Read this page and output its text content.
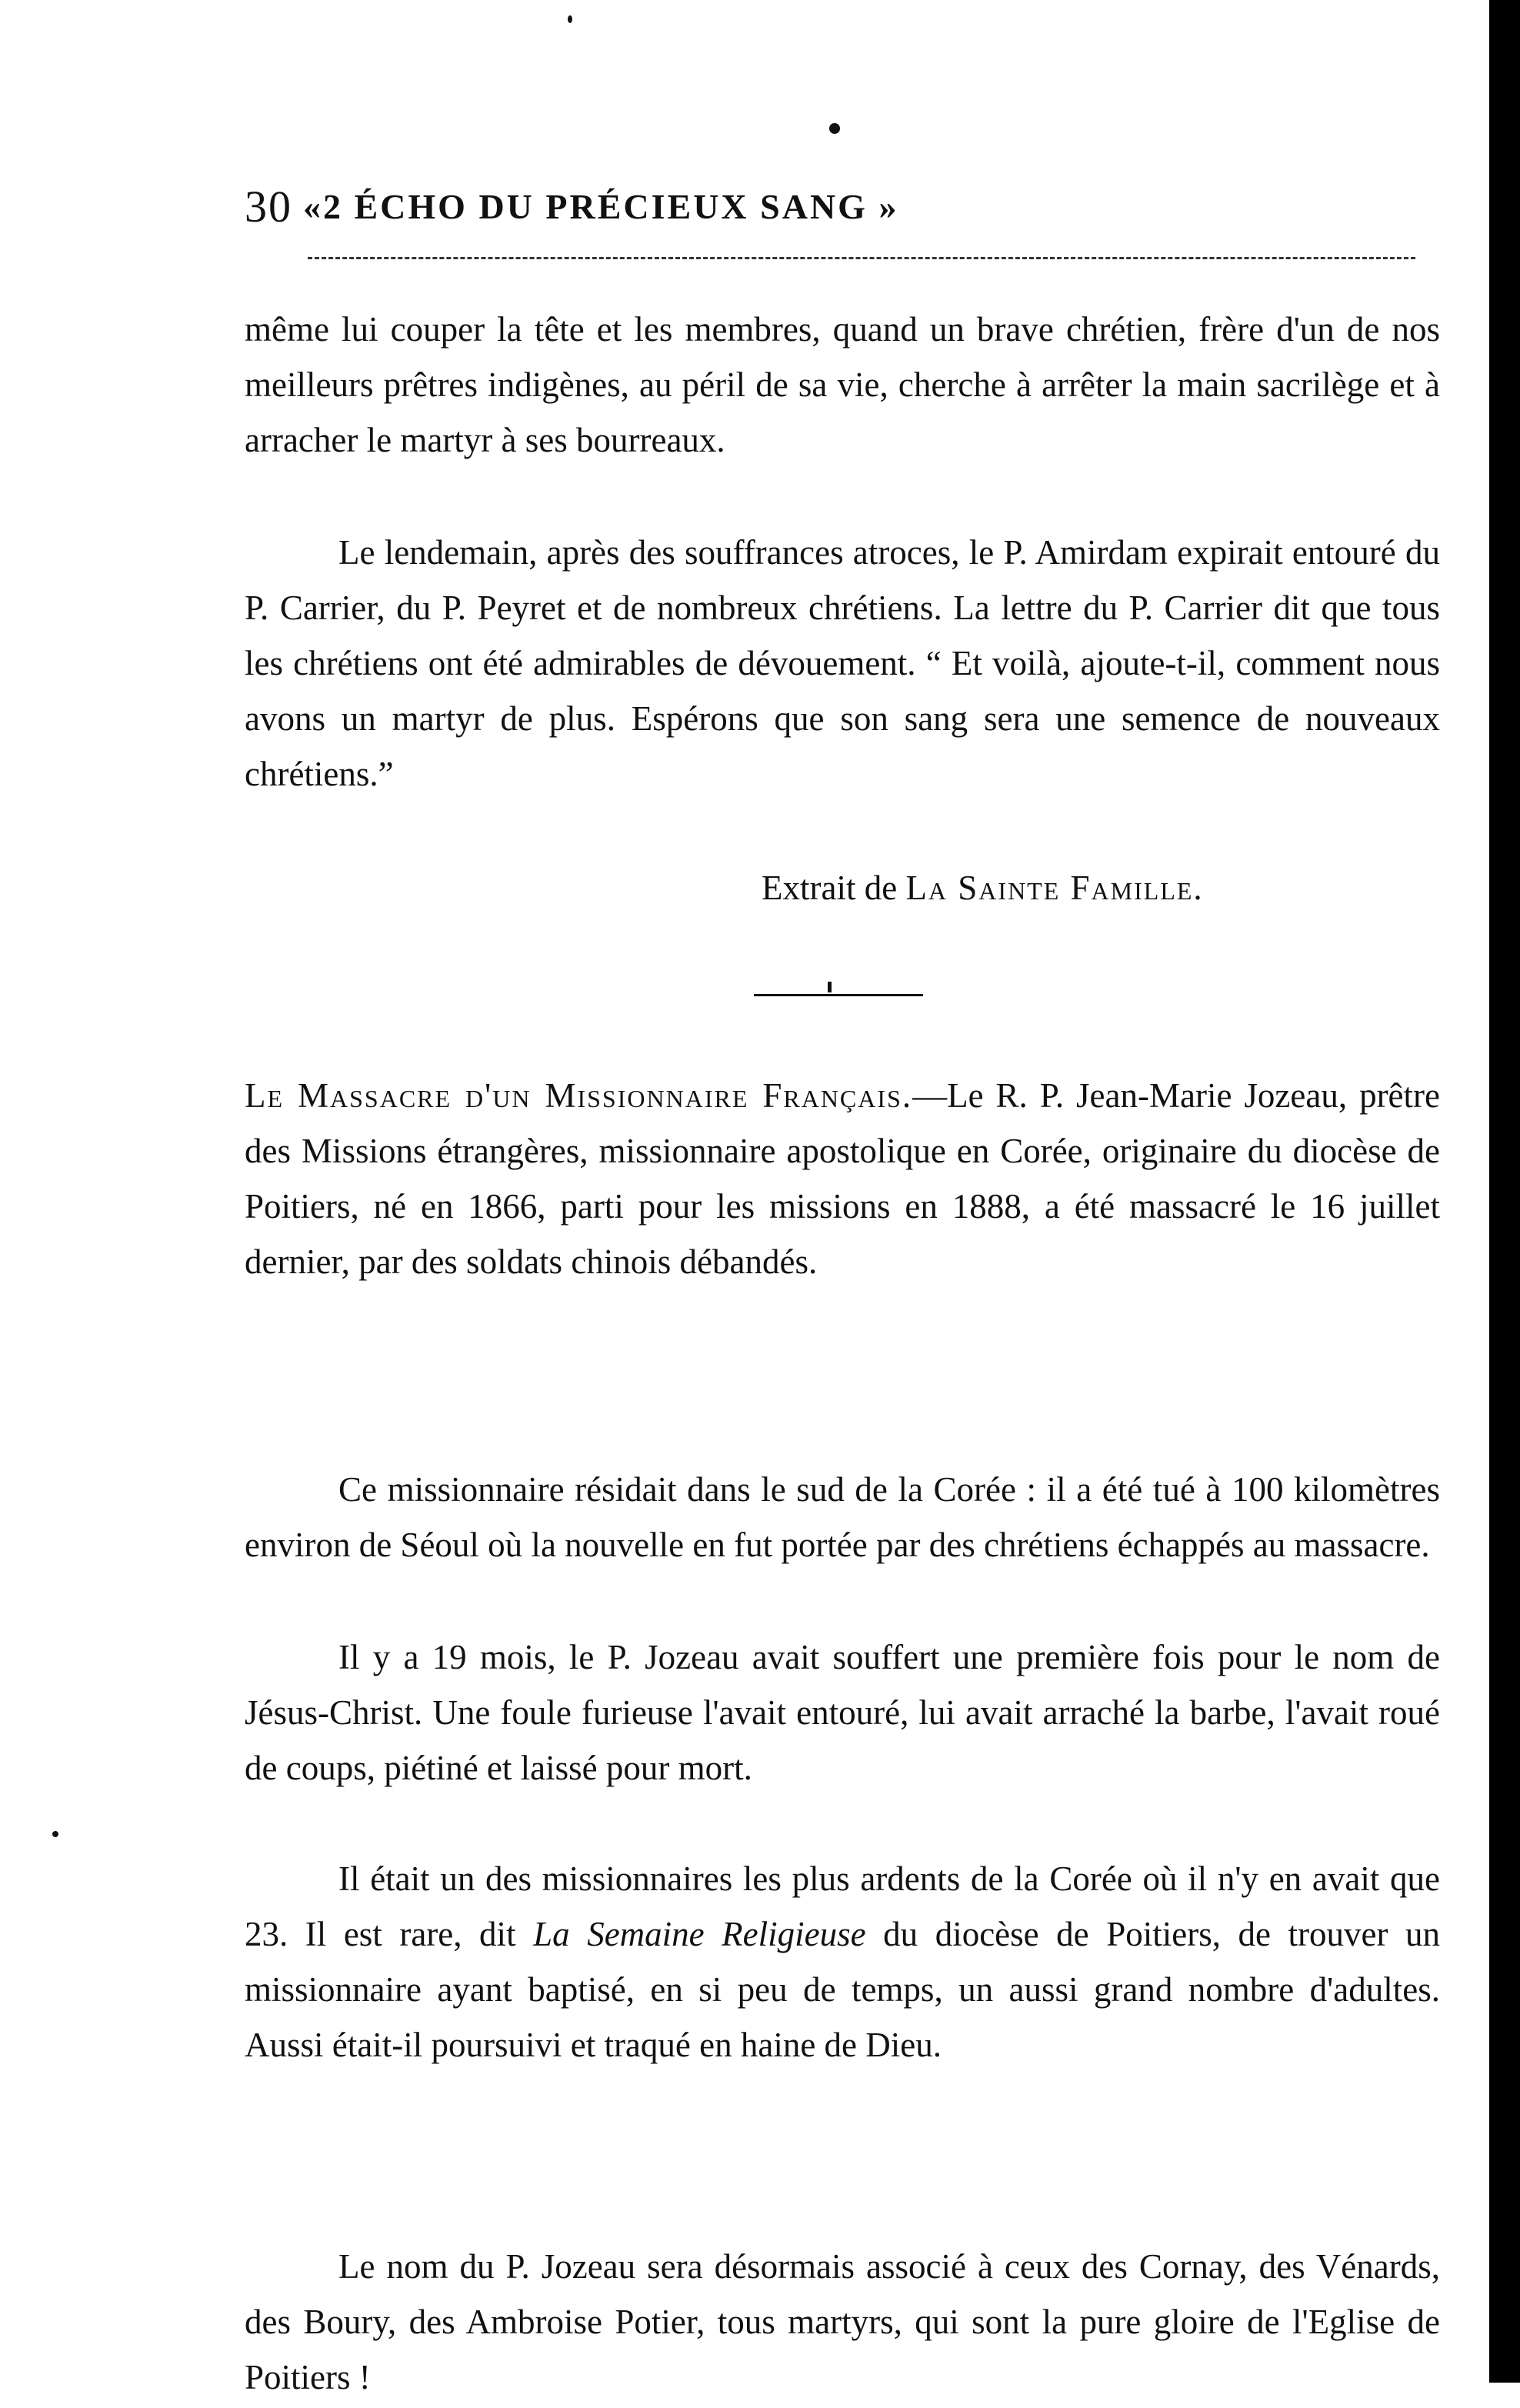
30 «2 ÉCHO DU PRÉCIEUX SANG »

même lui couper la tête et les membres, quand un brave chrétien, frère d'un de nos meilleurs prêtres indigènes, au péril de sa vie, cherche à arrêter la main sacrilège et à arracher le martyr à ses bourreaux.

Le lendemain, après des souffrances atroces, le P. Amirdam expirait entouré du P. Carrier, du P. Peyret et de nombreux chrétiens. La lettre du P. Carrier dit que tous les chrétiens ont été admirables de dévouement. “ Et voilà, ajoute-t-il, comment nous avons un martyr de plus. Espérons que son sang sera une semence de nouveaux chrétiens.”

Extrait de La Sainte Famille.

Le Massacre d'un Missionnaire Français.—Le R. P. Jean-Marie Jozeau, prêtre des Missions étrangères, missionnaire apostolique en Corée, originaire du diocèse de Poitiers, né en 1866, parti pour les missions en 1888, a été massacré le 16 juillet dernier, par des soldats chinois débandés.

Ce missionnaire résidait dans le sud de la Corée : il a été tué à 100 kilomètres environ de Séoul où la nouvelle en fut portée par des chrétiens échappés au massacre.

Il y a 19 mois, le P. Jozeau avait souffert une première fois pour le nom de Jésus-Christ. Une foule furieuse l'avait entouré, lui avait arraché la barbe, l'avait roué de coups, piétiné et laissé pour mort.

Il était un des missionnaires les plus ardents de la Corée où il n'y en avait que 23. Il est rare, dit La Semaine Religieuse du diocèse de Poitiers, de trouver un missionnaire ayant baptisé, en si peu de temps, un aussi grand nombre d'adultes. Aussi était-il poursuivi et traqué en haine de Dieu.

Le nom du P. Jozeau sera désormais associé à ceux des Cornay, des Vénards, des Boury, des Ambroise Potier, tous martyrs, qui sont la pure gloire de l'Eglise de Poitiers !
